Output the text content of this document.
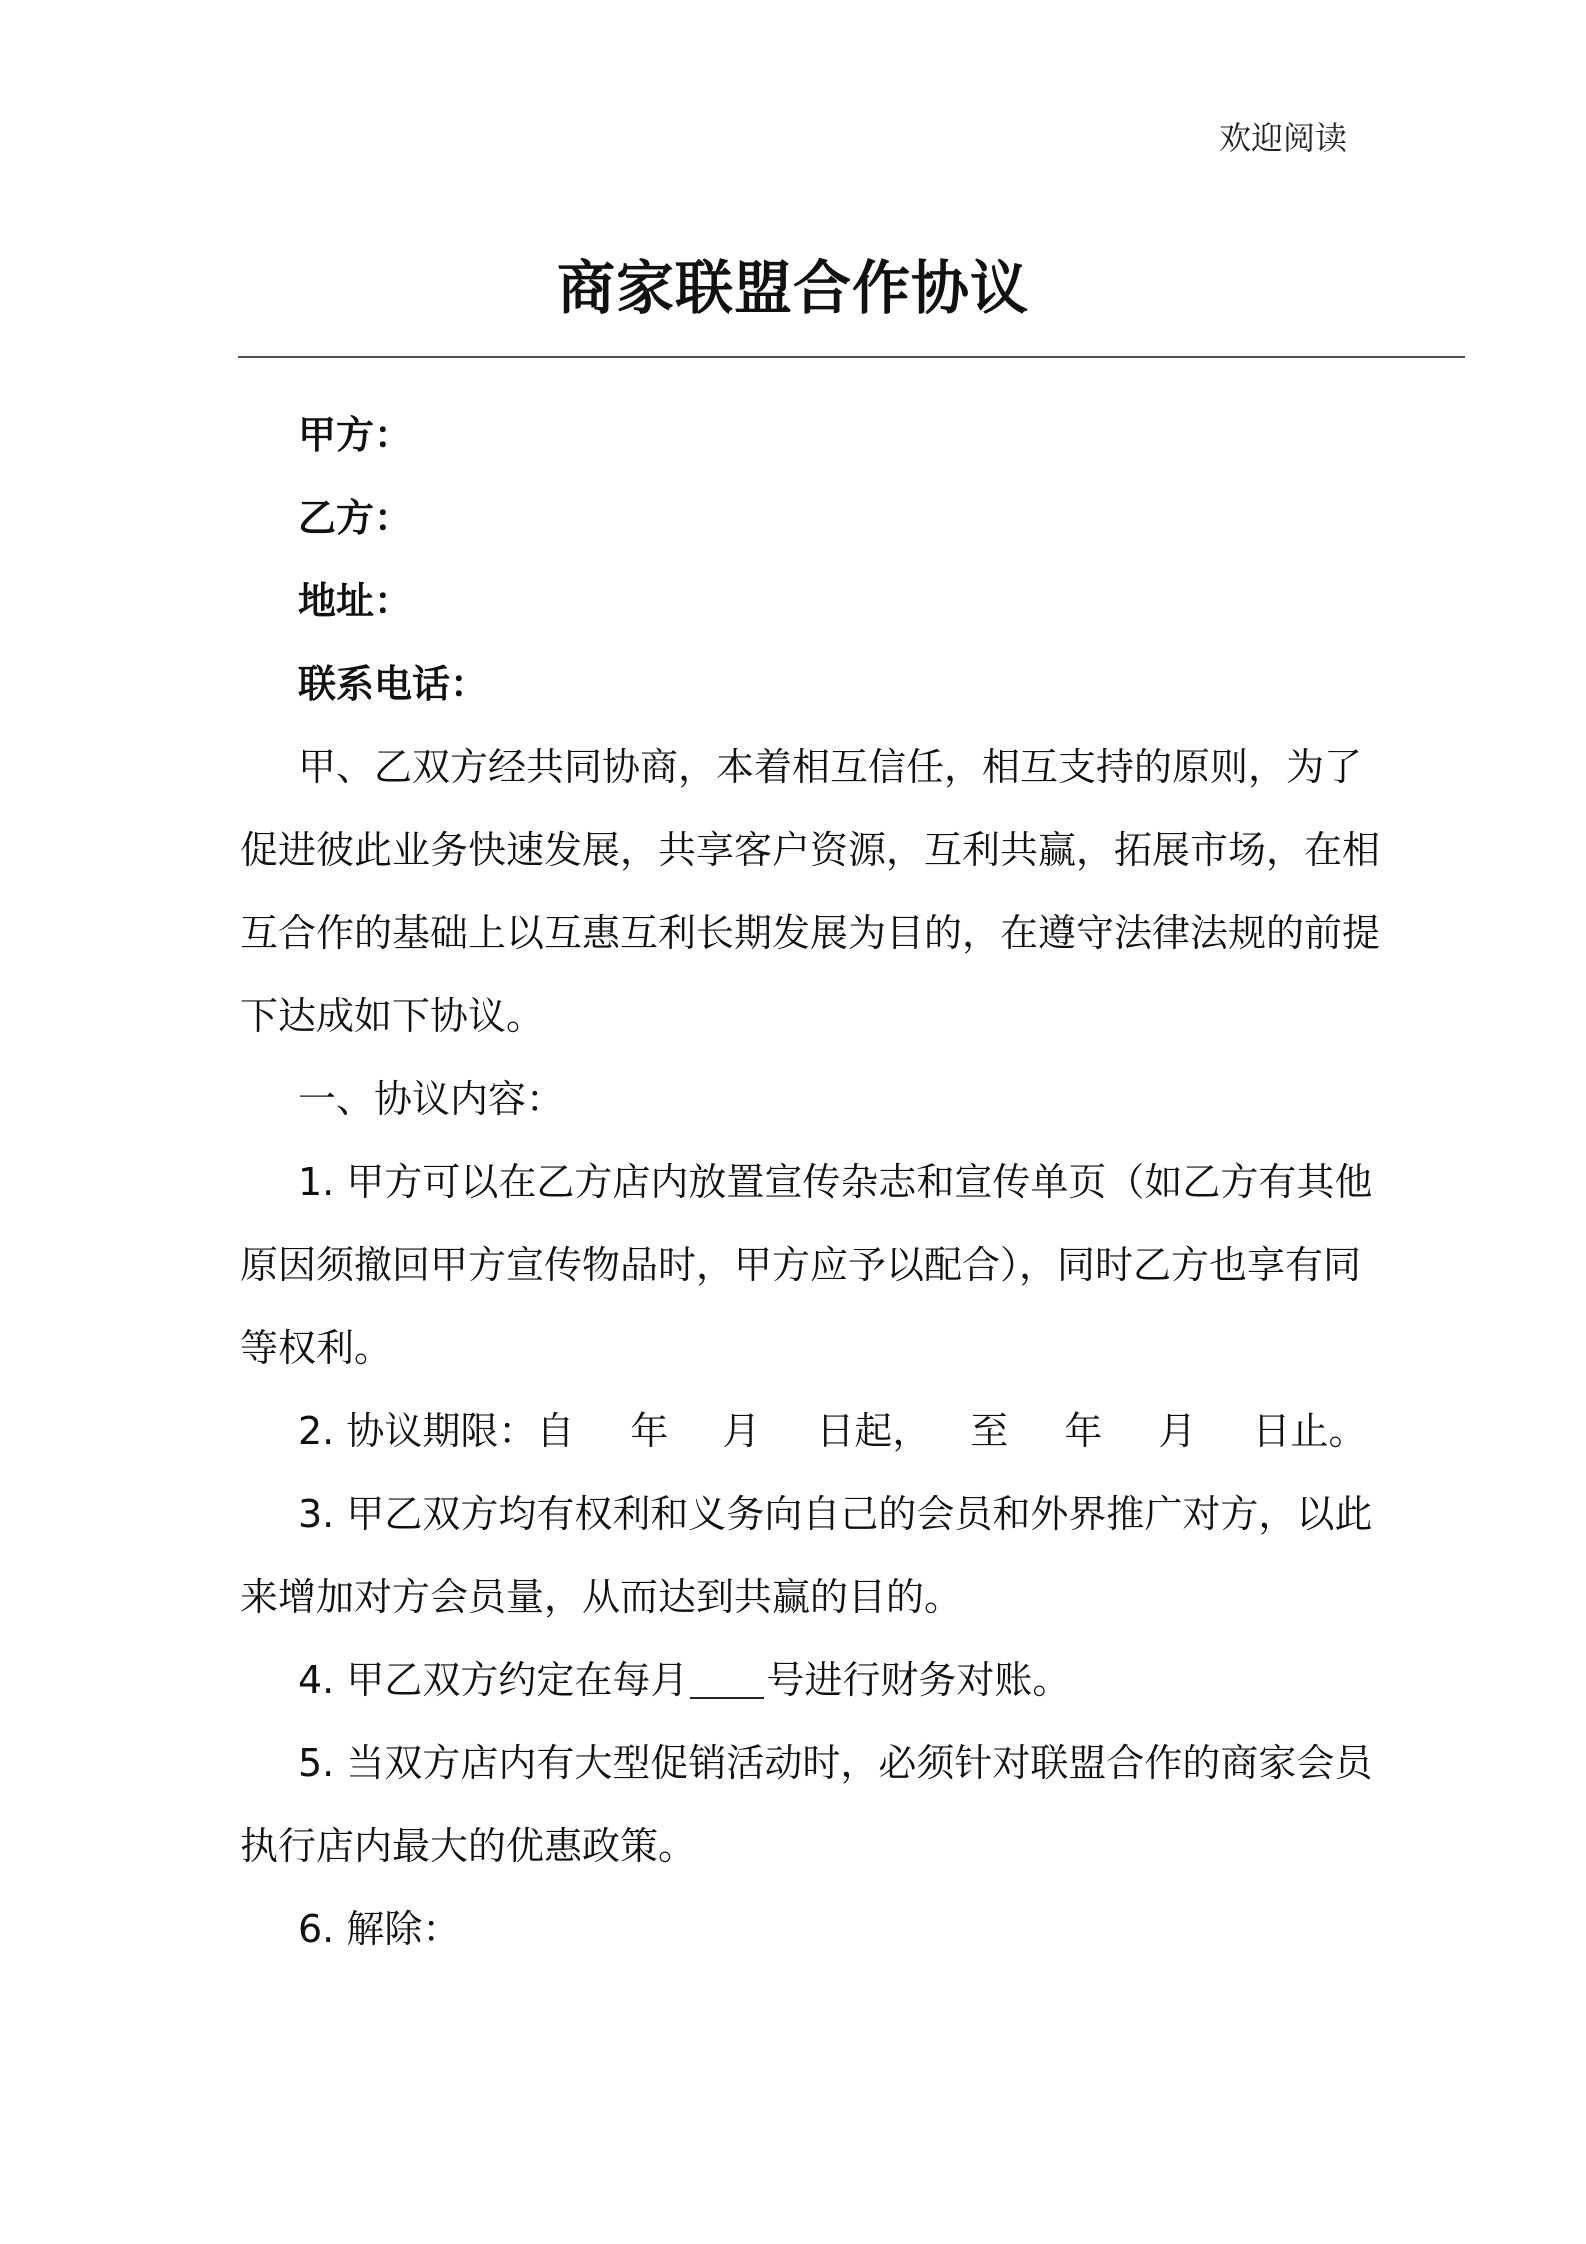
欢迎阅读
商家联盟合作协议
甲方：
乙方：
地址：
联系电话：
甲、乙双方经共同协商，本着相互信任，相互支持的原则，为了
促进彼此业务快速发展，共享客户资源，互利共赢，拓展市场，在相
互合作的基础上以互惠互利长期发展为目的，在遵守法律法规的前提
下达成如下协议。
一、协议内容：
1. 甲方可以在乙方店内放置宣传杂志和宣传单页（如乙方有其他
原因须撤回甲方宣传物品时，甲方应予以配合），同时乙方也享有同
等权利。
2. 协议期限：自 年 月 日起， 至 年 月 日止。
3. 甲乙双方均有权利和义务向自己的会员和外界推广对方，以此
来增加对方会员量，从而达到共赢的目的。
4. 甲乙双方约定在每月 号进行财务对账。
5. 当双方店内有大型促销活动时，必须针对联盟合作的商家会员
执行店内最大的优惠政策。
6. 解除：
